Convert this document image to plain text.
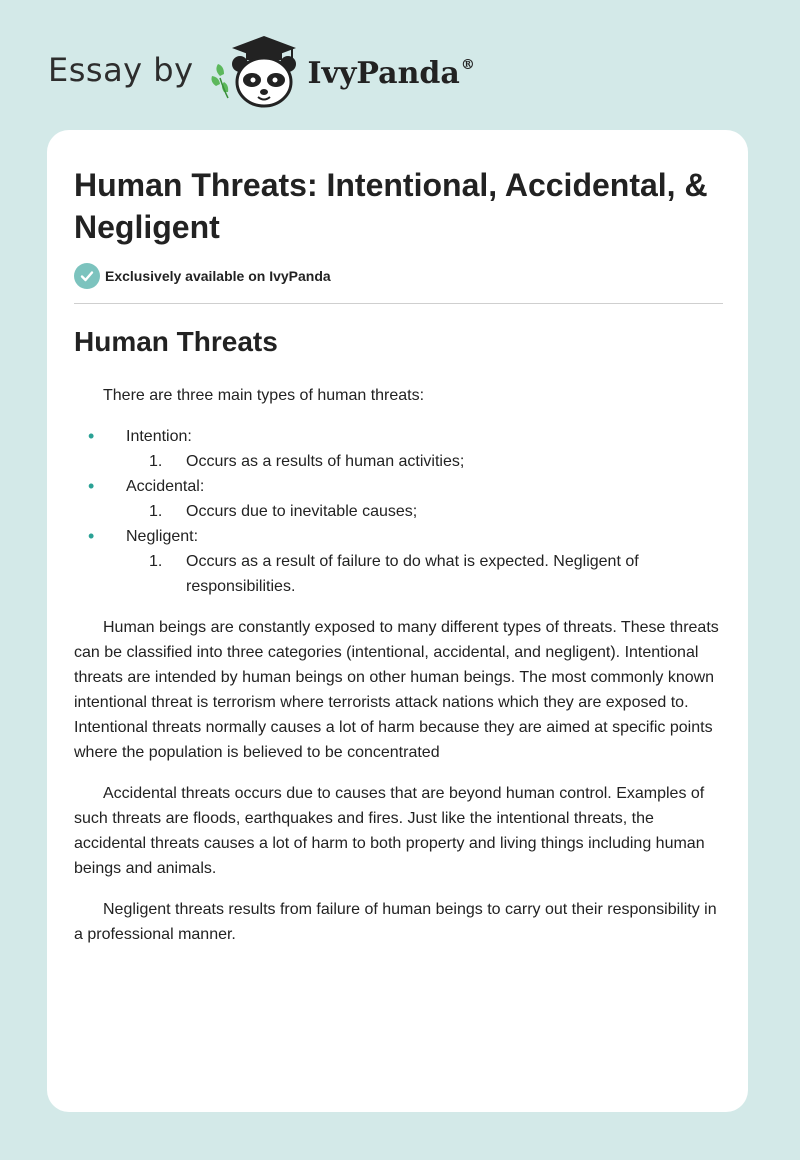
Essay by	IvyPanda®
Human Threats: Intentional, Accidental, & Negligent
Exclusively available on IvyPanda
Human Threats

There are three main types of human threats:

• Intention:
1. Occurs as a results of human activities;
• Accidental:
1. Occurs due to inevitable causes;
• Negligent:
1. Occurs as a result of failure to do what is expected. Negligent of responsibilities.

Human beings are constantly exposed to many different types of threats. These threats can be classified into three categories (intentional, accidental, and negligent). Intentional threats are intended by human beings on other human beings. The most commonly known intentional threat is terrorism where terrorists attack nations which they are exposed to. Intentional threats normally causes a lot of harm because they are aimed at specific points where the population is believed to be concentrated

Accidental threats occurs due to causes that are beyond human control. Examples of such threats are floods, earthquakes and fires. Just like the intentional threats, the accidental threats causes a lot of harm to both property and living things including human beings and animals.

Negligent threats results from failure of human beings to carry out their responsibility in a professional manner.
